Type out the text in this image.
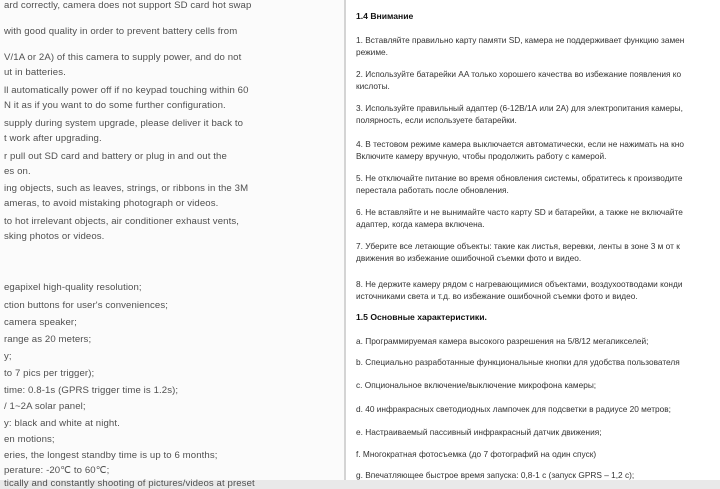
ard correctly, camera does not support SD card hot swap
with good quality in order to prevent battery cells from
V/1A or 2A) of this camera to supply power, and do not
ut in batteries.
ll automatically power off if no keypad touching within 60
N it as if you want to do some further configuration.
supply during system upgrade, please deliver it back to
t work after upgrading.
r pull out SD card and battery or plug in and out the
es on.
ing objects, such as leaves, strings, or ribbons in the 3M
ameras, to avoid mistaking photograph or videos.
to hot irrelevant objects, air conditioner exhaust vents,
sking photos or videos.
egapixel high-quality resolution;
ction buttons for user's conveniences;
camera speaker;
range as 20 meters;
y;
to 7 pics per trigger);
time: 0.8-1s (GPRS trigger time is 1.2s);
/ 1~2A solar panel;
y: black and white at night.
en motions;
eries, the longest standby time is up to 6 months;
perature: -20℃ to 60℃;
tically and constantly shooting of pictures/videos at preset
1.4 Внимание
1. Вставляйте правильно карту памяти SD, камера не поддерживает функцию замен
режиме.
2. Используйте батарейки AA только хорошего качества во избежание появления ко
кислоты.
3. Используйте правильный адаптер (6-12В/1А или 2А) для электропитания камеры,
полярность, если используете батарейки.
4. В тестовом режиме камера выключается автоматически, если не нажимать на кно
Включите камеру вручную, чтобы продолжить работу с камерой.
5. Не отключайте питание во время обновления системы, обратитесь к производите
перестала работать после обновления.
6. Не вставляйте и не вынимайте часто карту SD и батарейки, а также не включайте
адаптер, когда камера включена.
7. Уберите все летающие объекты: такие как листья, веревки, ленты в зоне 3 м от к
движения во избежание ошибочной съемки фото и видео.
8. Не держите камеру рядом с нагревающимися объектами, воздухоотводами конди
источниками света и т.д. во избежание ошибочной съемки фото и видео.
1.5 Основные характеристики.
a. Программируемая камера высокого разрешения на 5/8/12 мегапикселей;
b. Специально разработанные функциональные кнопки для удобства пользователя
c. Опциональное включение/выключение микрофона камеры;
d. 40 инфракрасных светодиодных лампочек для подсветки в радиусе 20 метров;
e. Настраиваемый пассивный инфракрасный датчик движения;
f. Многократная фотосъемка (до 7 фотографий на один спуск)
g. Впечатляющее быстрое время запуска: 0,8-1 с (запуск GPRS – 1,2 с);
